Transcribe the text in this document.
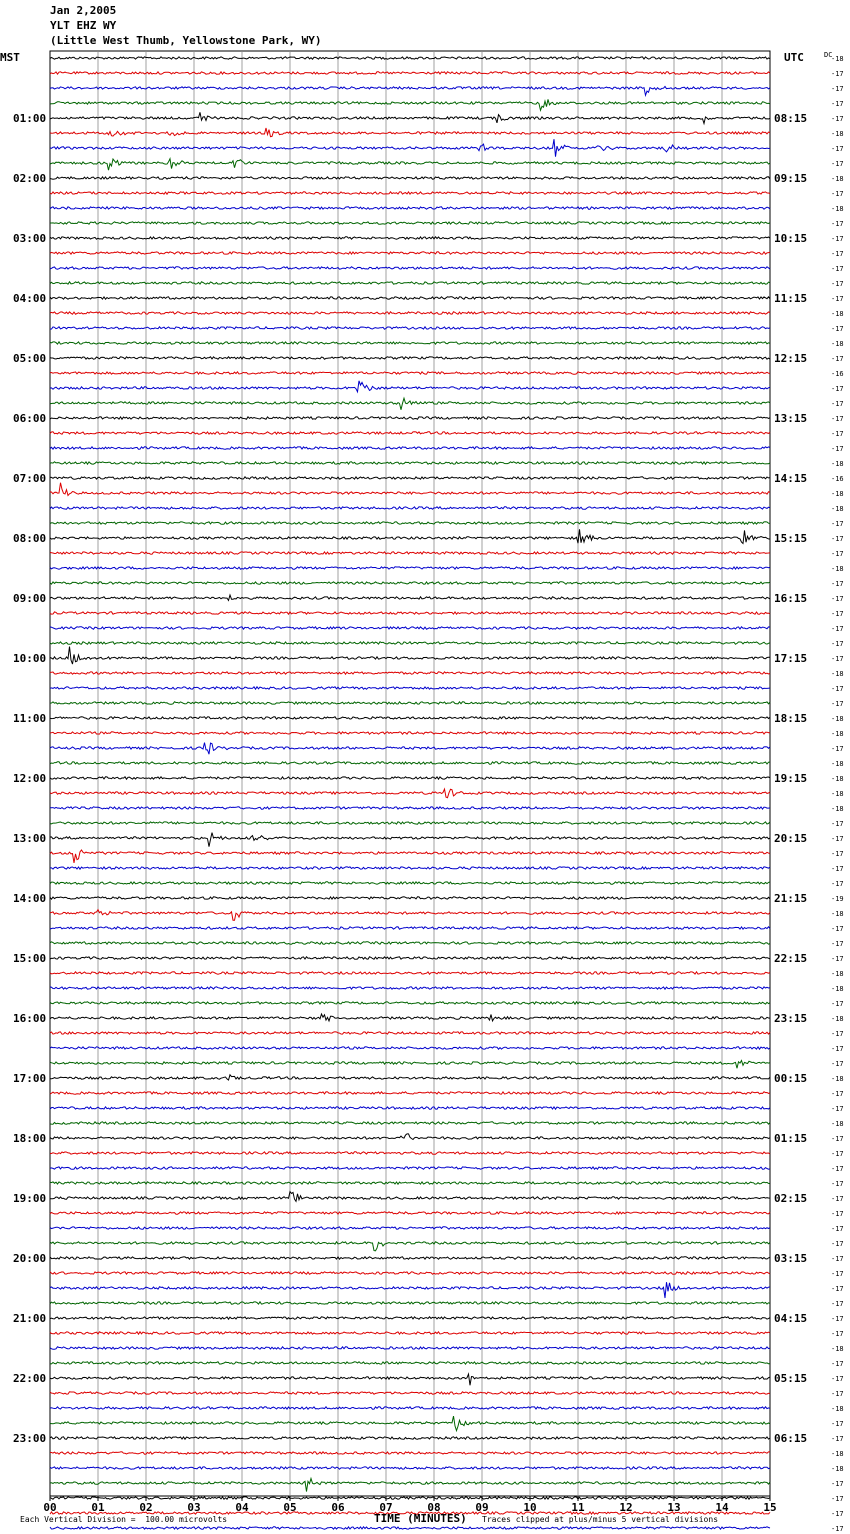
Jan 2,2005
YLT EHZ WY
(Little West Thumb, Yellowstone Park, WY)
MST	UTC	-18
-17
-17
-17
-17
-18
-17
-17
-18
-17
-18
-17
-17
-17
-17
-17
-17
-18
-17
-18
-17
-16
-17
-17
-17
-17
-17
-18
-16
-18
-18
-17
-17
-17
-18
-17
-17
-17
-17
-17
-17
-18
-17
-17
-18
-18
-17
-18
-18
-18
-18
-17
-17
-17
-17
-17
-19
-18
-17
-17
-17
-18
-18
-17
-18
-17
-17
-17
-18
-17
-17
-18
-17
-17
-17
-17
-17
-17
-17
-17
-17
-17
-17
-17
-17
-17
-18
-17
-17
-17
-18
-17
-17
-18
-18
-17
-17
-17
-17
01:00
02:00
03:00
04:00
05:00
06:00
07:00
08:00
09:00
10:00
11:00
12:00
13:00
14:00
15:00
16:00
17:00
18:00
19:00
20:00
21:00
22:00
23:00
08:15
09:15
10:15
11:15
12:15
13:15
14:15
15:15
16:15
17:15
18:15
19:15
20:15
21:15
22:15
23:15
00:15
01:15
02:15
03:15
04:15
05:15
06:15
00	01	02	03	04	05	06	07	08	09	10	11	12	13	14	15
DC
TIME (MINUTES)
Each Vertical Division =  100.00 microvolts	Traces clipped at plus/minus 5 vertical divisions
